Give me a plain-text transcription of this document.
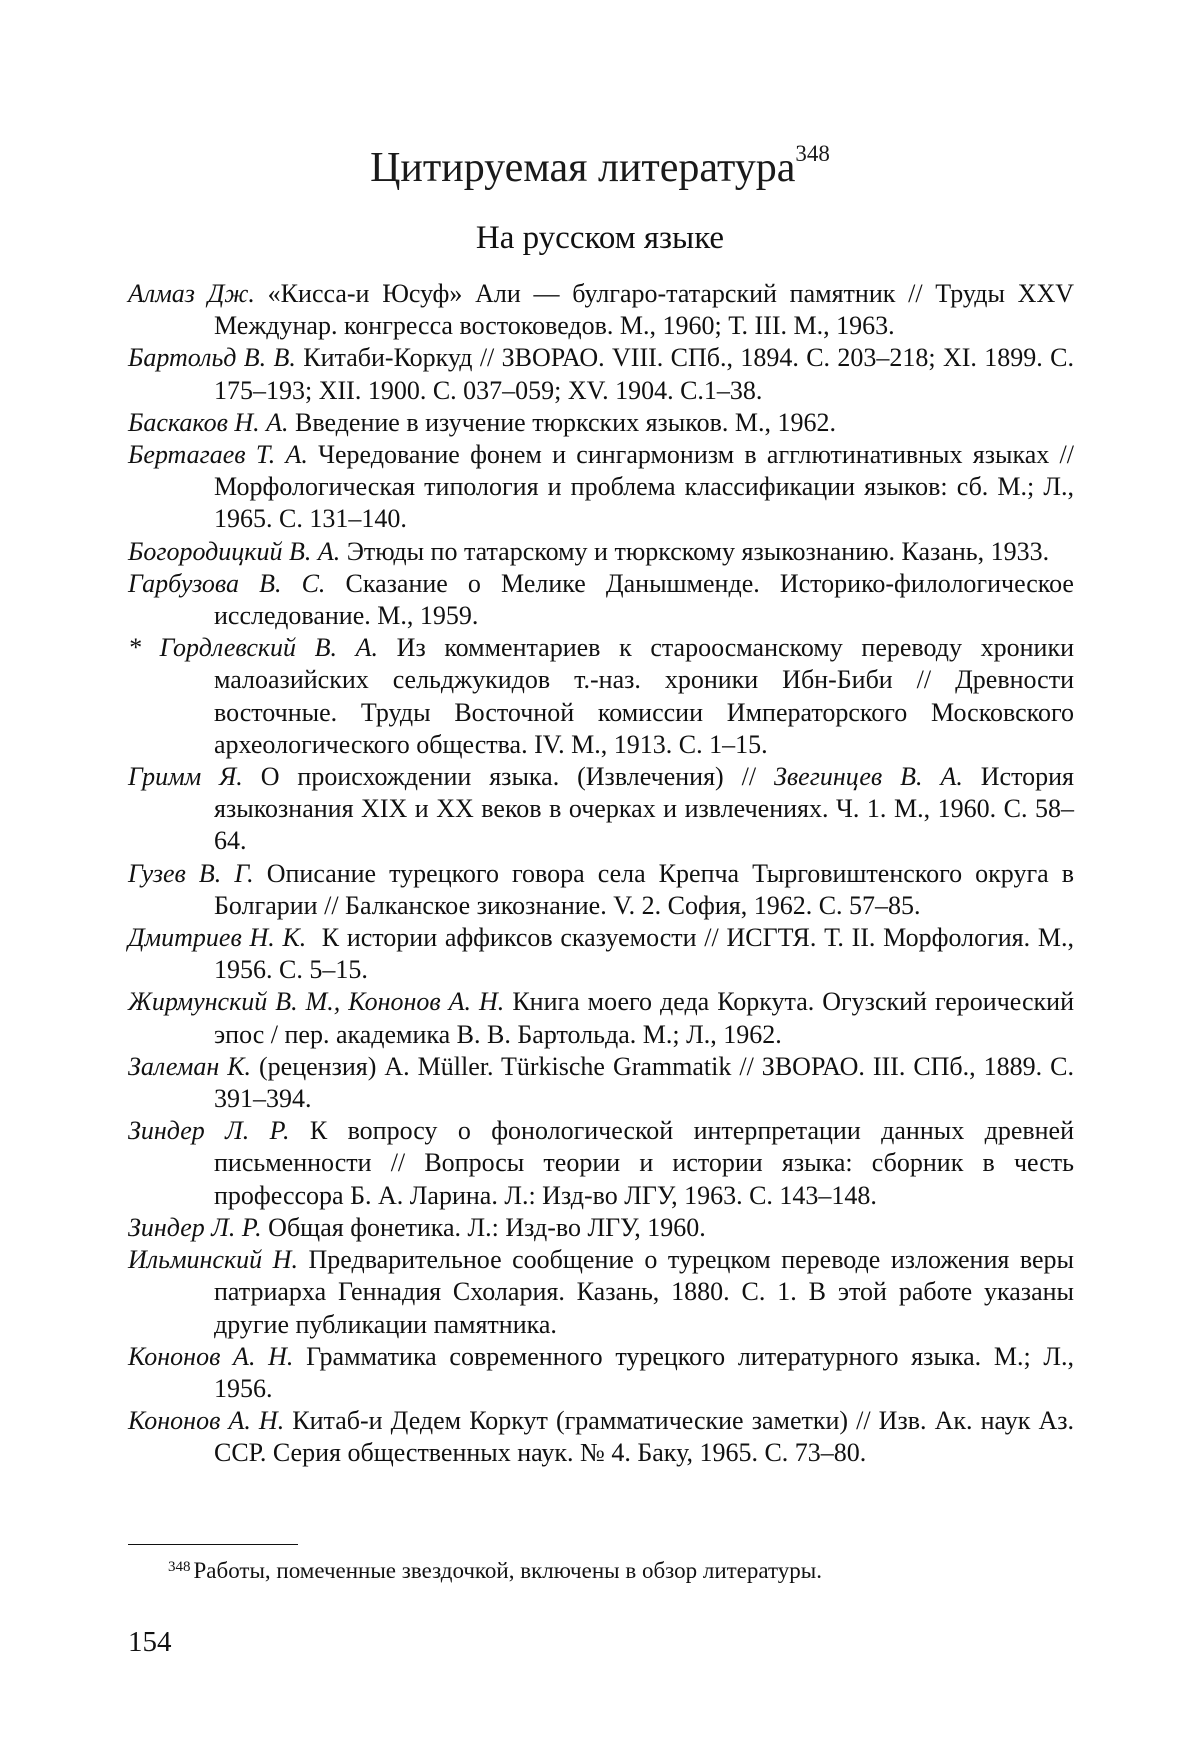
Цитируемая литература$^{348}$
На русском языке
Алмаз Дж. «Кисса-и Юсуф» Али — булгаро-татарский памятник // Труды XXV Междунар. конгресса востоковедов. М., 1960; Т. III. М., 1963.
Бартольд В. В. Китаби-Коркуд // ЗВОРАО. VIII. СПб., 1894. С. 203–218; XI. 1899. С. 175–193; XII. 1900. С. 037–059; XV. 1904. С.1–38.
Баскаков Н. А. Введение в изучение тюркских языков. М., 1962.
Бертагаев Т. А. Чередование фонем и сингармонизм в агглютинативных языках // Морфологическая типология и проблема классификации языков: сб. М.; Л., 1965. С. 131–140.
Богородицкий В. А. Этюды по татарскому и тюркскому языкознанию. Казань, 1933.
Гарбузова В. С. Сказание о Мелике Данышменде. Историко-филологическое исследование. М., 1959.
* Гордлевский В. А. Из комментариев к староосманскому переводу хроники малоазийских сельджукидов т.-наз. хроники Ибн-Биби // Древности восточные. Труды Восточной комиссии Императорского Московского археологического общества. IV. М., 1913. С. 1–15.
Гримм Я. О происхождении языка. (Извлечения) // Звегинцев В. А. История языкознания XIX и XX веков в очерках и извлечениях. Ч. 1. М., 1960. С. 58–64.
Гузев В. Г. Описание турецкого говора села Крепча Тырговиштенского округа в Болгарии // Балканское зикознание. V. 2. София, 1962. С. 57–85.
Дмитриев Н. К.  К истории аффиксов сказуемости // ИСГТЯ. Т. II. Морфология. М., 1956. С. 5–15.
Жирмунский В. М., Кононов А. Н. Книга моего деда Коркута. Огузский героический эпос / пер. академика В. В. Бартольда. М.; Л., 1962.
Залеман К. (рецензия) A. Müller. Türkische Grammatik // ЗВОРАО. III. СПб., 1889. С. 391–394.
Зиндер Л. Р. К вопросу о фонологической интерпретации данных древней письменности // Вопросы теории и истории языка: сборник в честь профессора Б. А. Ларина. Л.: Изд-во ЛГУ, 1963. С. 143–148.
Зиндер Л. Р. Общая фонетика. Л.: Изд-во ЛГУ, 1960.
Ильминский Н. Предварительное сообщение о турецком переводе изложения веры патриарха Геннадия Схолария. Казань, 1880. С. 1. В этой работе указаны другие публикации памятника.
Кононов А. Н. Грамматика современного турецкого литературного языка. М.; Л., 1956.
Кононов А. Н. Китаб-и Дедем Коркут (грамматические заметки) // Изв. Ак. наук Аз. ССР. Серия общественных наук. № 4. Баку, 1965. С. 73–80.
$^{348}$ Работы, помеченные звездочкой, включены в обзор литературы.
154
